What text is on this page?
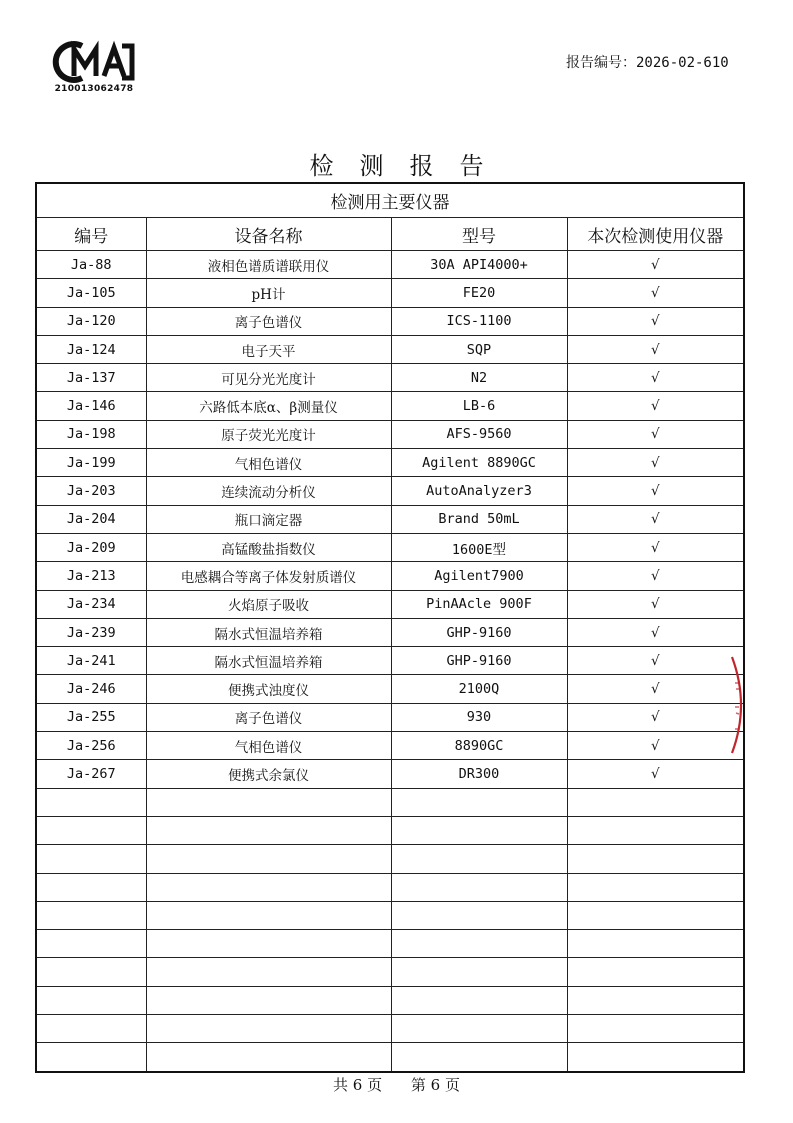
210013062478
报告编号：2026-02-610
检测报告
检测用主要仪器			
编号	设备名称	型号	本次检测使用仪器
Ja-88	液相色谱质谱联用仪	30A API4000+	√
Ja-105	pH计	FE20	√
Ja-120	离子色谱仪	ICS-1100	√
Ja-124	电子天平	SQP	√
Ja-137	可见分光光度计	N2	√
Ja-146	六路低本底α、β测量仪	LB-6	√
Ja-198	原子荧光光度计	AFS-9560	√
Ja-199	气相色谱仪	Agilent 8890GC	√
Ja-203	连续流动分析仪	AutoAnalyzer3	√
Ja-204	瓶口滴定器	Brand 50mL	√
Ja-209	高锰酸盐指数仪	1600E型	√
Ja-213	电感耦合等离子体发射质谱仪	Agilent7900	√
Ja-234	火焰原子吸收	PinAAcle 900F	√
Ja-239	隔水式恒温培养箱	GHP-9160	√
Ja-241	隔水式恒温培养箱	GHP-9160	√
Ja-246	便携式浊度仪	2100Q	√
Ja-255	离子色谱仪	930	√
Ja-256	气相色谱仪	8890GC	√
Ja-267	便携式余氯仪	DR300	√

共 6 页 第 6 页
